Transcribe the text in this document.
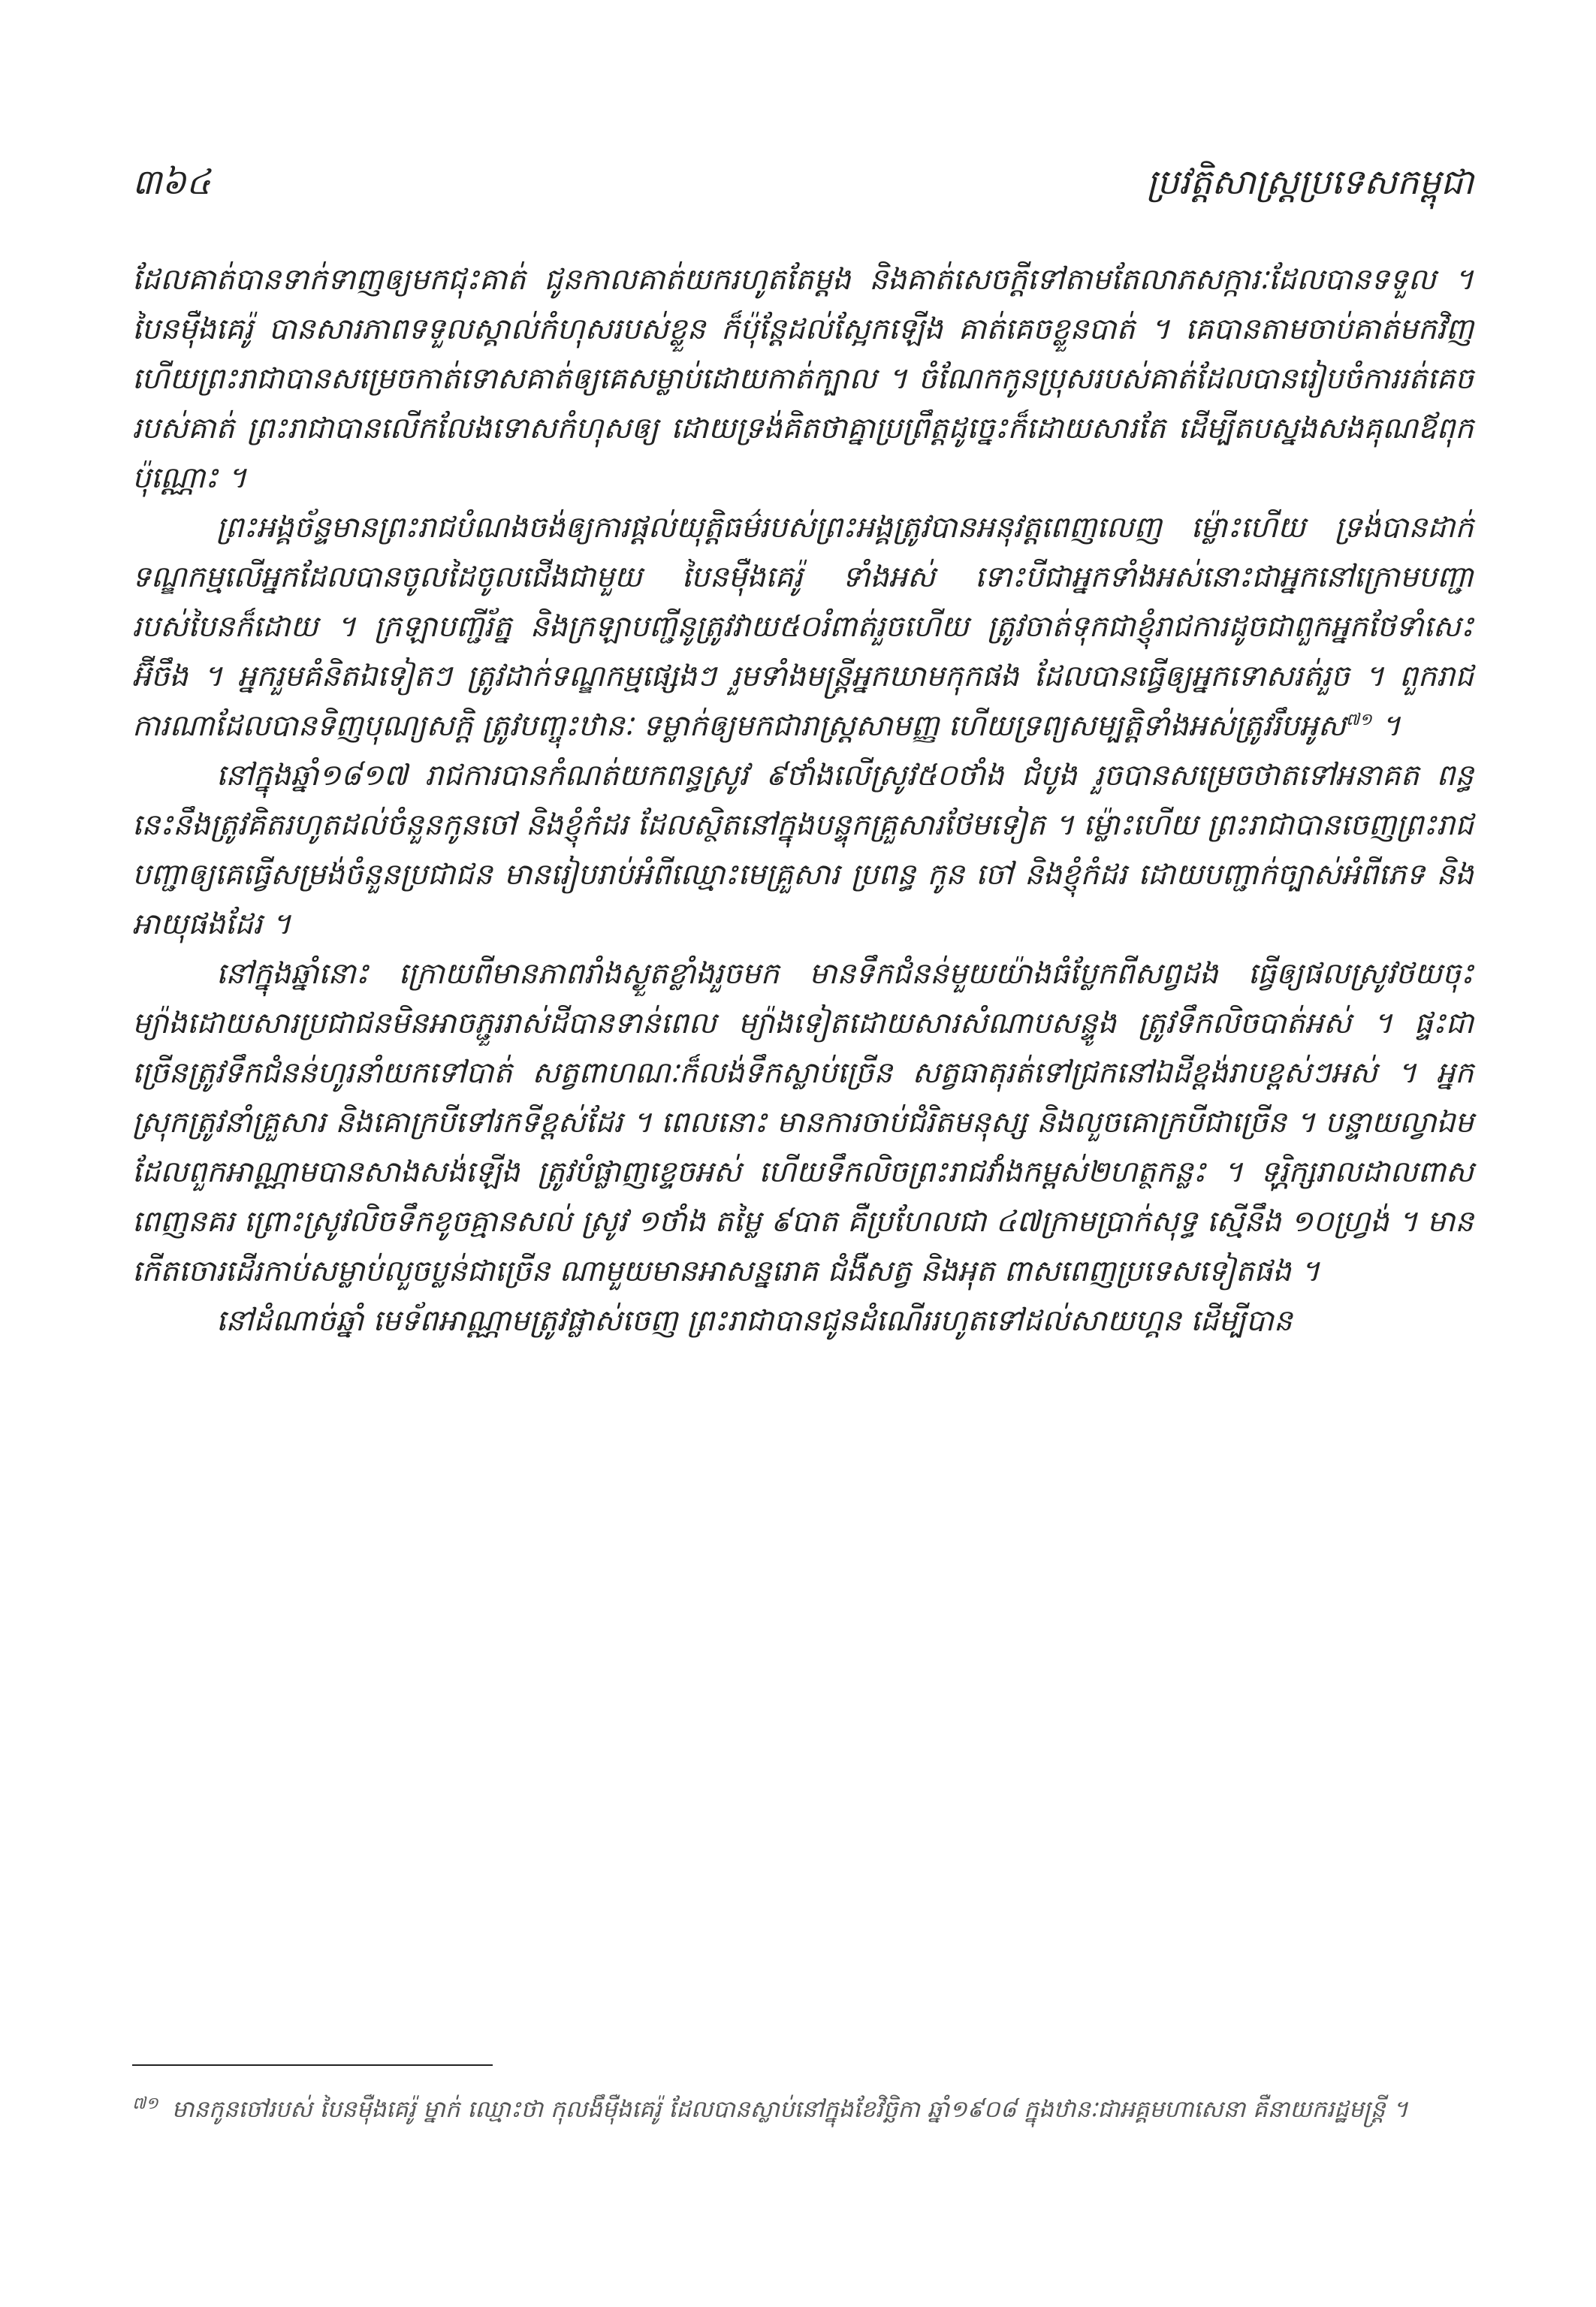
៣៦៤	ប្រវត្តិសាស្ត្រប្រទេសកម្ពុជា

ដែលគាត់បានទាក់ទាញឲ្យមកជុះគាត់ ជូនកាលគាត់យករហូតតែម្ដង និងគាត់សេចក្ដីទៅតាមតែលាភសក្ការៈដែលបានទទួល ។ បៃនម៉ឺងគេរ៉ូ បានសារភាពទទួលស្គាល់កំហុសរបស់ខ្លួន ក៏ប៉ុន្តែដល់ស្អែកឡើង គាត់គេចខ្លួនបាត់ ។ គេបានតាមចាប់គាត់មកវិញ ហើយព្រះរាជាបានសម្រេចកាត់ទោសគាត់ឲ្យគេសម្លាប់ដោយកាត់ក្បាល ។ ចំណែកកូនប្រុសរបស់គាត់ដែលបានរៀបចំការរត់គេចរបស់គាត់ ព្រះរាជាបានលើកលែងទោសកំហុសឲ្យ ដោយទ្រង់គិតថាគ្នាប្រព្រឹត្តដូច្នេះក៏ដោយសារតែ ដើម្បីតបស្នងសងគុណឪពុកប៉ុណ្ណោះ ។

ព្រះអង្គច័ន្ទមានព្រះរាជបំណងចង់ឲ្យការផ្ដល់យុត្តិធម៌របស់ព្រះអង្គត្រូវបានអនុវត្តពេញលេញ ម៉្លោះហើយ ទ្រង់បានដាក់ទណ្ឌកម្មលើអ្នកដែលបានចូលដៃចូលជើងជាមួយ បៃនម៉ឺងគេរ៉ូ ទាំងអស់ ទោះបីជាអ្នកទាំងអស់នោះជាអ្នកនៅក្រោមបញ្ជារបស់បៃនក៏ដោយ ។ ក្រឡាបញ្ជីរ័ត្ន និងក្រឡាបញ្ជីនូត្រូវវាយ៥០រំពាត់រួចហើយ ត្រូវចាត់ទុកជាខ្ញុំរាជការដូចជាពួកអ្នកថែទាំសេះអ៊ីចឹង ។ អ្នករួមគំនិតឯទៀតៗ ត្រូវដាក់ទណ្ឌកម្មផ្សេងៗ រួមទាំងមន្ត្រីអ្នកឃាមកុកផង ដែលបានធ្វើឲ្យអ្នកទោសរត់រួច ។ ពួករាជការណាដែលបានទិញបុណ្យសក្តិ ត្រូវបញ្ចុះឋានៈ ទម្លាក់ឲ្យមកជារាស្ត្រសាមញ្ញ ហើយទ្រព្យសម្បត្តិទាំងអស់ត្រូវរឹបអូស$^{៧១}$ ។

នៅក្នុងឆ្នាំ១៨១៧ រាជការបានកំណត់យកពន្ធស្រូវ ៩ថាំងលើស្រូវ៥០ថាំង ជំបូង រួចបានសម្រេចថាតទៅអនាគត ពន្ធនេះនឹងត្រូវគិតរហូតដល់ចំនួនកូនចៅ និងខ្ញុំកំដរ ដែលស្ថិតនៅក្នុងបន្ទុកគ្រួសារថែមទៀត ។ ម៉្លោះហើយ ព្រះរាជាបានចេញព្រះរាជបញ្ជាឲ្យគេធ្វើសម្រង់ចំនួនប្រជាជន មានរៀបរាប់អំពីឈ្មោះមេគ្រួសារ ប្រពន្ធ កូន ចៅ និងខ្ញុំកំដរ ដោយបញ្ជាក់ច្បាស់អំពីភេទ និងអាយុផងដែរ ។

នៅក្នុងឆ្នាំនោះ ក្រោយពីមានភាពរាំងស្ងួតខ្លាំងរួចមក មានទឹកជំនន់មួយយ៉ាងធំប្លែកពីសព្វដង ធ្វើឲ្យផលស្រូវថយចុះ ម្យ៉ាងដោយសារប្រជាជនមិនអាចភ្ជួររាស់ដីបានទាន់ពេល ម្យ៉ាងទៀតដោយសារសំណាបសន្ទូង ត្រូវទឹកលិចបាត់អស់ ។ ផ្ទះជាច្រើនត្រូវទឹកជំនន់ហូរនាំយកទៅបាត់ សត្វពាហណៈក៏លង់ទឹកស្លាប់ច្រើន សត្វធាតុរត់ទៅជ្រកនៅឯដីខ្ពង់រាបខ្ពស់ៗអស់ ។ អ្នកស្រុកត្រូវនាំគ្រួសារ និងគោក្របីទៅរកទីខ្ពស់ដែរ ។ ពេលនោះ មានការចាប់ជំរិតមនុស្ស និងលួចគោក្របីជាច្រើន ។ បន្ទាយល្វាឯម ដែលពួកអាណ្ណាមបានសាងសង់ឡើង ត្រូវបំផ្លាញខ្ទេចអស់ ហើយទឹកលិចព្រះរាជវាំងកម្ពស់២ហត្ថកន្លះ ។ ទុរ្ភិក្សរាលដាលពាសពេញនគរ ព្រោះស្រូវលិចទឹកខូចគ្មានសល់ ស្រូវ ១ថាំង តម្លៃ ៩បាត គឺប្រហែលជា ៤៧ក្រាមប្រាក់សុទ្ធ ស្មើនឹង ១០ហ្វ្រង់ ។ មានកើតចោរដើរកាប់សម្លាប់លួចប្លន់ជាច្រើន ណាមួយមានអាសន្នរោគ ជំងឺសត្វ និងអុត ពាសពេញប្រទេសទៀតផង ។

នៅដំណាច់ឆ្នាំ មេទ័ពអាណ្ណាមត្រូវផ្លាស់ចេញ ព្រះរាជាបានជូនដំណើររហូតទៅដល់សាយហ្គន ដើម្បីបាន

$^{៧១}$ មានកូនចៅរបស់ បៃនម៉ឺងគេរ៉ូ ម្នាក់ ឈ្មោះថា កុលងឹម៉ឺងគេរ៉ូ ដែលបានស្លាប់នៅក្នុងខែវិច្ឆិកា ឆ្នាំ១៩០៨ ក្នុងឋានៈជាអគ្គមហាសេនា គឺនាយករដ្ឋមន្ត្រី ។
